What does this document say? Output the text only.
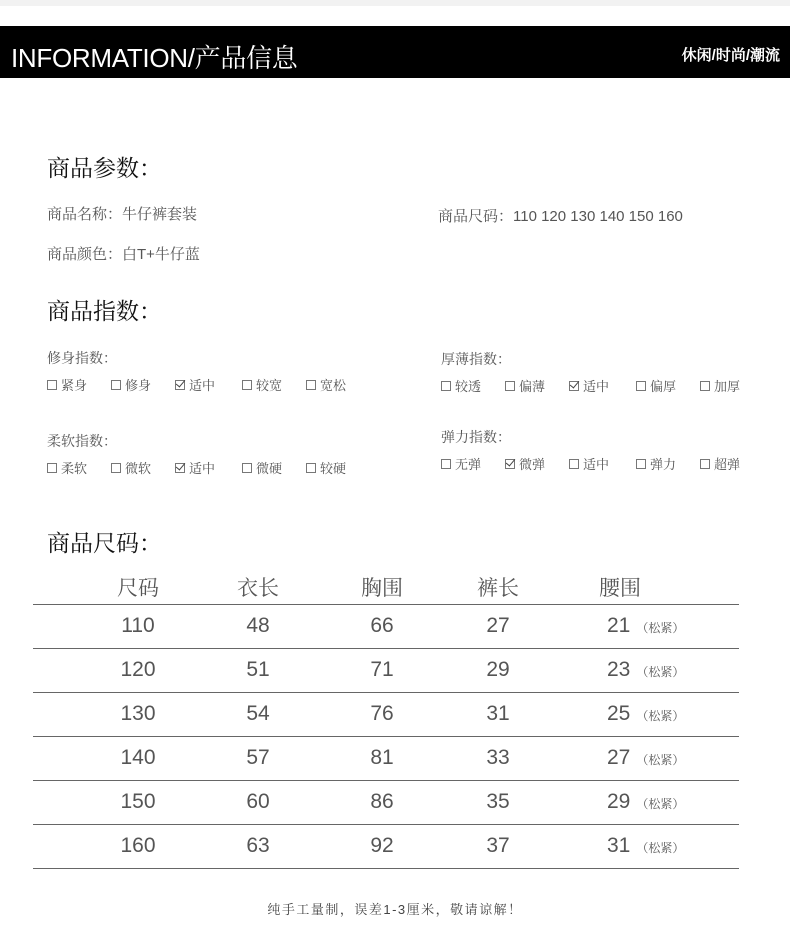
INFORMATION/产品信息	休闲/时尚/潮流
商品参数：
商品名称：牛仔裤套装	商品尺码：110 120 130 140 150 160
商品颜色：白T+牛仔蓝
商品指数：
修身指数：
紧身	修身	适中	较宽	宽松
厚薄指数：
较透	偏薄	适中	偏厚	加厚
柔软指数：
柔软	微软	适中	微硬	较硬
弹力指数：
无弹	微弹	适中	弹力	超弹
商品尺码：
尺码	衣长	胸围	裤长	腰围
110	48	66	27	21 （松紧）
120	51	71	29	23 （松紧）
130	54	76	31	25 （松紧）
140	57	81	33	27 （松紧）
150	60	86	35	29 （松紧）
160	63	92	37	31 （松紧）
纯手工量制，误差1-3厘米，敬请谅解！
